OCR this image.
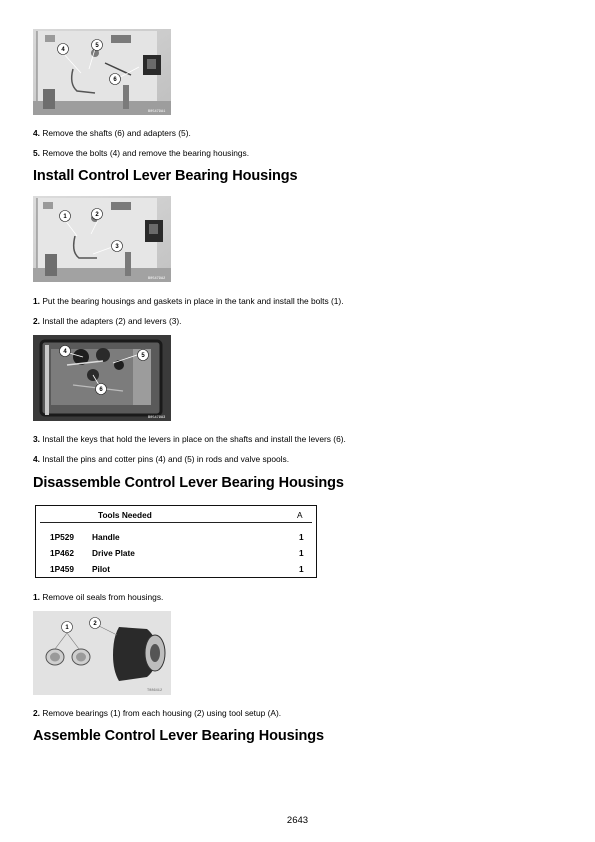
4
5
6
B05479A1
4. Remove the shafts (6) and adapters (5).
5. Remove the bolts (4) and remove the bearing housings.
Install Control Lever Bearing Housings
1	2
3
B05479A2
1. Put the bearing housings and gaskets in place in the tank and install the bolts (1).
2. Install the adapters (2) and levers (3).
4
5
6
B05479A3
3. Install the keys that hold the levers in place on the shafts and install the levers (6).
4. Install the pins and cotter pins (4) and (5) in rods and valve spools.
Disassemble Control Lever Bearing Housings
Tools Needed	A
1P529 Handle	1
1P462 Drive Plate	1
1P459 Pilot	1
1. Remove oil seals from housings.
1
2
T086412
2. Remove bearings (1) from each housing (2) using tool setup (A).
Assemble Control Lever Bearing Housings
2643
